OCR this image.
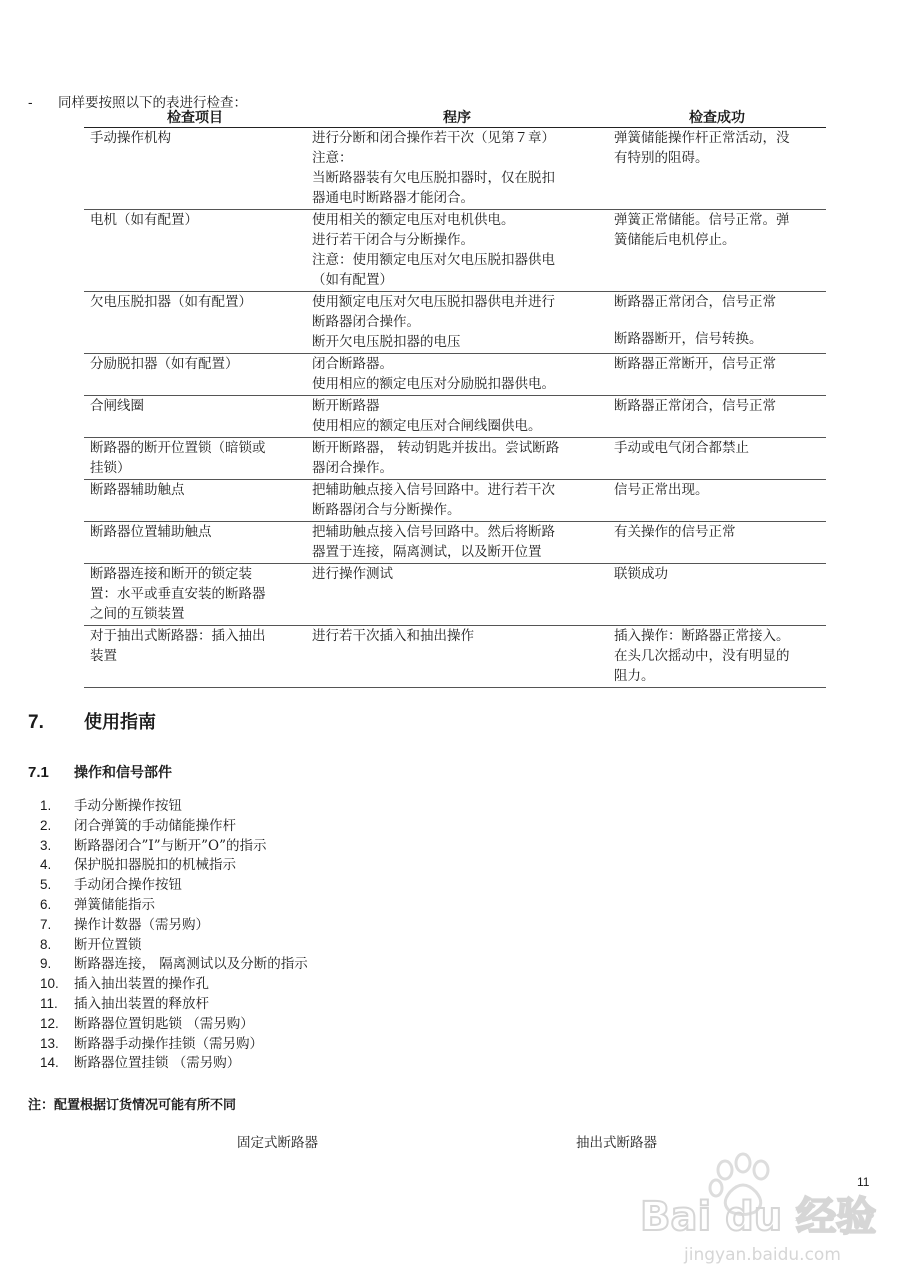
- 同样要按照以下的表进行检查：
检查项目	程序	检查成功

手动操作机构	进行分断和闭合操作若干次（见第７章）
注意：
当断路器装有欠电压脱扣器时，仅在脱扣
器通电时断路器才能闭合。	弹簧储能操作杆正常活动，没
有特别的阻碍。

电机（如有配置）	使用相关的额定电压对电机供电。
进行若干闭合与分断操作。
注意：使用额定电压对欠电压脱扣器供电
（如有配置）	弹簧正常储能。信号正常。弹
簧储能后电机停止。

欠电压脱扣器（如有配置）	使用额定电压对欠电压脱扣器供电并进行
断路器闭合操作。
断开欠电压脱扣器的电压	断路器正常闭合，信号正常
断路器断开，信号转换。

分励脱扣器（如有配置）	闭合断路器。
使用相应的额定电压对分励脱扣器供电。	断路器正常断开，信号正常

合闸线圈	断开断路器
使用相应的额定电压对合闸线圈供电。	断路器正常闭合，信号正常

断路器的断开位置锁（暗锁或
挂锁）	断开断路器， 转动钥匙并拔出。尝试断路
器闭合操作。	手动或电气闭合都禁止

断路器辅助触点	把辅助触点接入信号回路中。进行若干次
断路器闭合与分断操作。	信号正常出现。

断路器位置辅助触点	把辅助触点接入信号回路中。然后将断路
器置于连接，隔离测试，以及断开位置	有关操作的信号正常

断路器连接和断开的锁定装
置：水平或垂直安装的断路器
之间的互锁装置	进行操作测试	联锁成功

对于抽出式断路器：插入抽出
装置	进行若干次插入和抽出操作	插入操作：断路器正常接入。
在头几次摇动中，没有明显的
阻力。
7. 使用指南
7.1 操作和信号部件
1. 手动分断操作按钮
2. 闭合弹簧的手动储能操作杆
3. 断路器闭合”I”与断开”O”的指示
4. 保护脱扣器脱扣的机械指示
5. 手动闭合操作按钮
6. 弹簧储能指示
7. 操作计数器（需另购）
8. 断开位置锁
9. 断路器连接， 隔离测试以及分断的指示
10. 插入抽出装置的操作孔
11. 插入抽出装置的释放杆
12. 断路器位置钥匙锁 （需另购）
13. 断路器手动操作挂锁（需另购）
14. 断路器位置挂锁 （需另购）
注：配置根据订货情况可能有所不同
固定式断路器	抽出式断路器
Bai du 经验
jingyan.baidu.com
11
